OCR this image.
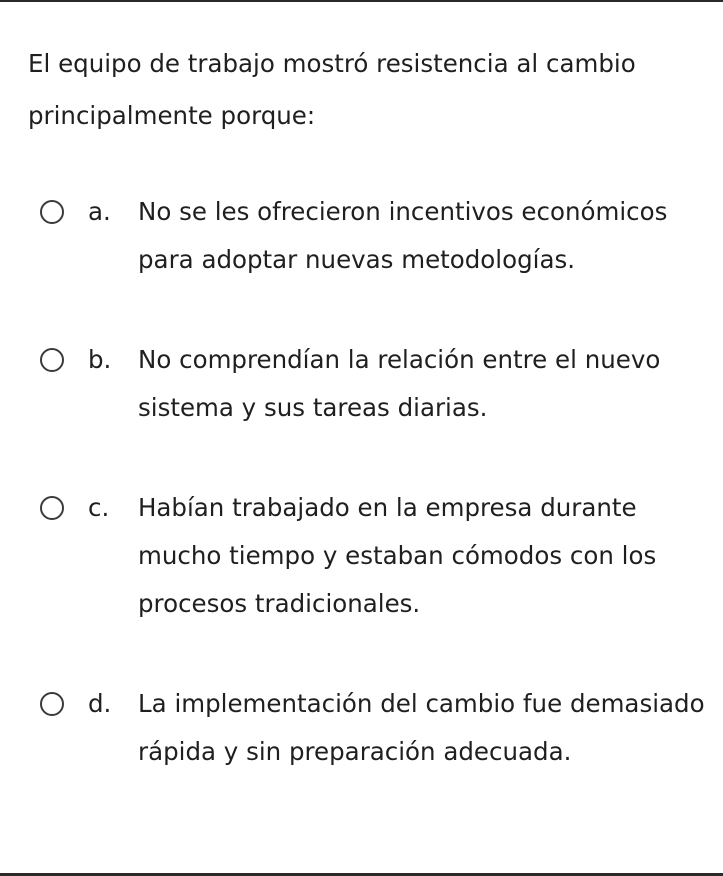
El equipo de trabajo mostró resistencia al cambio principalmente porque:

a. No se les ofrecieron incentivos económicos para adoptar nuevas metodologías.
b. No comprendían la relación entre el nuevo sistema y sus tareas diarias.
c. Habían trabajado en la empresa durante mucho tiempo y estaban cómodos con los procesos tradicionales.
d. La implementación del cambio fue demasiado rápida y sin preparación adecuada.
